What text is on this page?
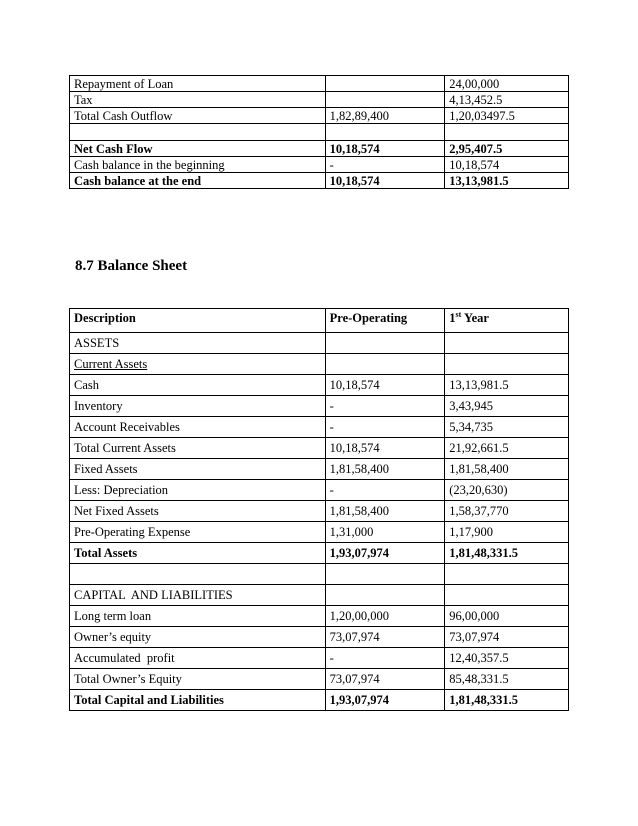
Repayment of Loan		24,00,000
Tax		4,13,452.5
Total Cash Outflow	1,82,89,400	1,20,03497.5

Net Cash Flow	10,18,574	2,95,407.5
Cash balance in the beginning	-	10,18,574
Cash balance at the end	10,18,574	13,13,981.5
8.7 Balance Sheet
Description	Pre-Operating	1st Year
ASSETS		
Current Assets		
Cash	10,18,574	13,13,981.5
Inventory	-	3,43,945
Account Receivables	-	5,34,735
Total Current Assets	10,18,574	21,92,661.5
Fixed Assets	1,81,58,400	1,81,58,400
Less: Depreciation	-	(23,20,630)
Net Fixed Assets	1,81,58,400	1,58,37,770
Pre-Operating Expense	1,31,000	1,17,900
Total Assets	1,93,07,974	1,81,48,331.5

CAPITAL  AND LIABILITIES		
Long term loan	1,20,00,000	96,00,000
Owner’s equity	73,07,974	73,07,974
Accumulated  profit	-	12,40,357.5
Total Owner’s Equity	73,07,974	85,48,331.5
Total Capital and Liabilities	1,93,07,974	1,81,48,331.5
